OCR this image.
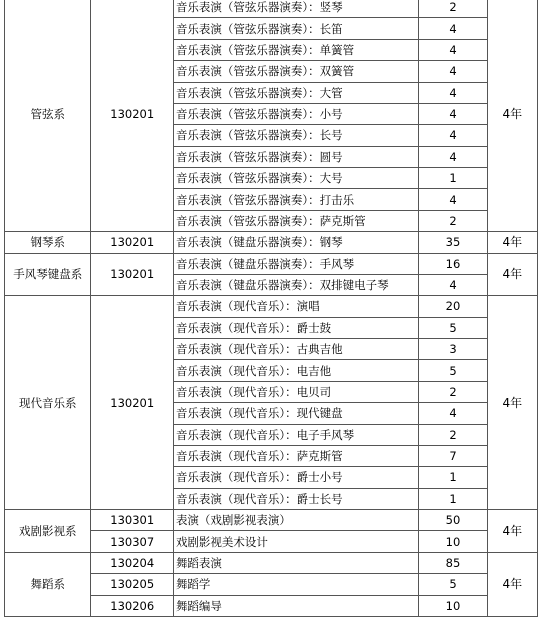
管弦系	130201	音乐表演（管弦乐器演奏）：竖琴	2	4年
		音乐表演（管弦乐器演奏）：长笛	4	
		音乐表演（管弦乐器演奏）：单簧管	4	
		音乐表演（管弦乐器演奏）：双簧管	4	
		音乐表演（管弦乐器演奏）：大管	4	
		音乐表演（管弦乐器演奏）：小号	4	
		音乐表演（管弦乐器演奏）：长号	4	
		音乐表演（管弦乐器演奏）：圆号	4	
		音乐表演（管弦乐器演奏）：大号	1	
		音乐表演（管弦乐器演奏）：打击乐	4	
		音乐表演（管弦乐器演奏）：萨克斯管	2	
钢琴系	130201	音乐表演（键盘乐器演奏）：钢琴	35	4年
手风琴键盘系	130201	音乐表演（键盘乐器演奏）：手风琴	16	4年
		音乐表演（键盘乐器演奏）：双排键电子琴	4	
现代音乐系	130201	音乐表演（现代音乐）：演唱	20	4年
		音乐表演（现代音乐）：爵士鼓	5	
		音乐表演（现代音乐）：古典吉他	3	
		音乐表演（现代音乐）：电吉他	5	
		音乐表演（现代音乐）：电贝司	2	
		音乐表演（现代音乐）：现代键盘	4	
		音乐表演（现代音乐）：电子手风琴	2	
		音乐表演（现代音乐）：萨克斯管	7	
		音乐表演（现代音乐）：爵士小号	1	
		音乐表演（现代音乐）：爵士长号	1	
戏剧影视系	130301	表演（戏剧影视表演）	50	4年
	130307	戏剧影视美术设计	10	
舞蹈系	130204	舞蹈表演	85	4年
	130205	舞蹈学	5	
	130206	舞蹈编导	10	
